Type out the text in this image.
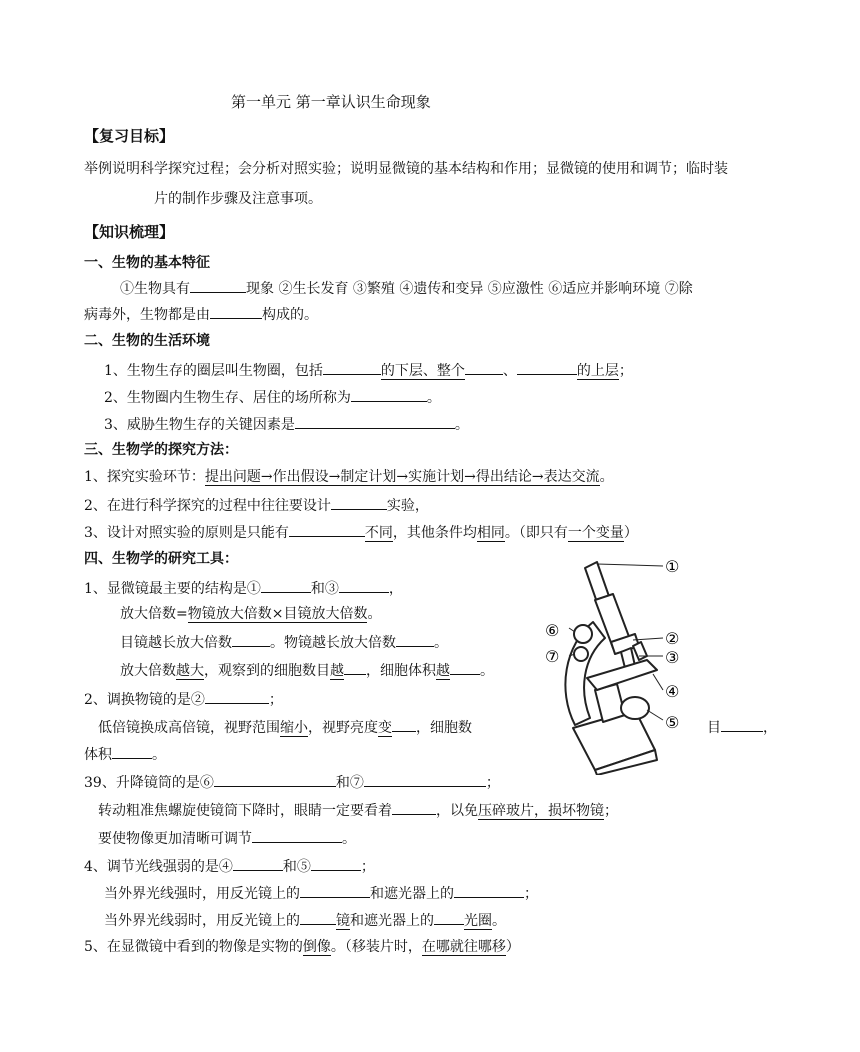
第一单元 第一章认识生命现象
【复习目标】
举例说明科学探究过程；会分析对照实验；说明显微镜的基本结构和作用；显微镜的使用和调节；临时装
片的制作步骤及注意事项。
【知识梳理】
一、生物的基本特征
①生物具有	现象 ②生长发育 ③繁殖 ④遗传和变异 ⑤应激性 ⑥适应并影响环境 ⑦除
病毒外，生物都是由	构成的。
二、生物的生活环境
1、生物生存的圈层叫生物圈，包括	的下层、整个	、	的上层；
2、生物圈内生物生存、居住的场所称为	。
3、威胁生物生存的关键因素是	。
三、生物学的探究方法：
1、探究实验环节：提出问题→作出假设→制定计划→实施计划→得出结论→表达交流。
2、在进行科学探究的过程中往往要设计	实验，
3、设计对照实验的原则是只能有	不同，其他条件均相同。（即只有一个变量）
四、生物学的研究工具：
1、显微镜最主要的结构是①	和③	，
放大倍数=物镜放大倍数×目镜放大倍数。
目镜越长放大倍数	。物镜越长放大倍数	。
放大倍数越大，观察到的细胞数目越 ，细胞体积越 。
2、调换物镜的是②	；
低倍镜换成高倍镜，视野范围缩小，视野亮度变 ，细胞数	目	，
体积	。
39、升降镜筒的是⑥	和⑦	；
转动粗准焦螺旋使镜筒下降时，眼睛一定要看着	，以免压碎玻片，损坏物镜；
要使物像更加清晰可调节	。
4、调节光线强弱的是④	和⑤	；
当外界光线强时，用反光镜上的	和遮光器上的	；
当外界光线弱时，用反光镜上的	镜和遮光器上的 光圈。
5、在显微镜中看到的物像是实物的倒像。（移装片时，在哪就往哪移）
①
②
③
④
⑤
⑥
⑦
